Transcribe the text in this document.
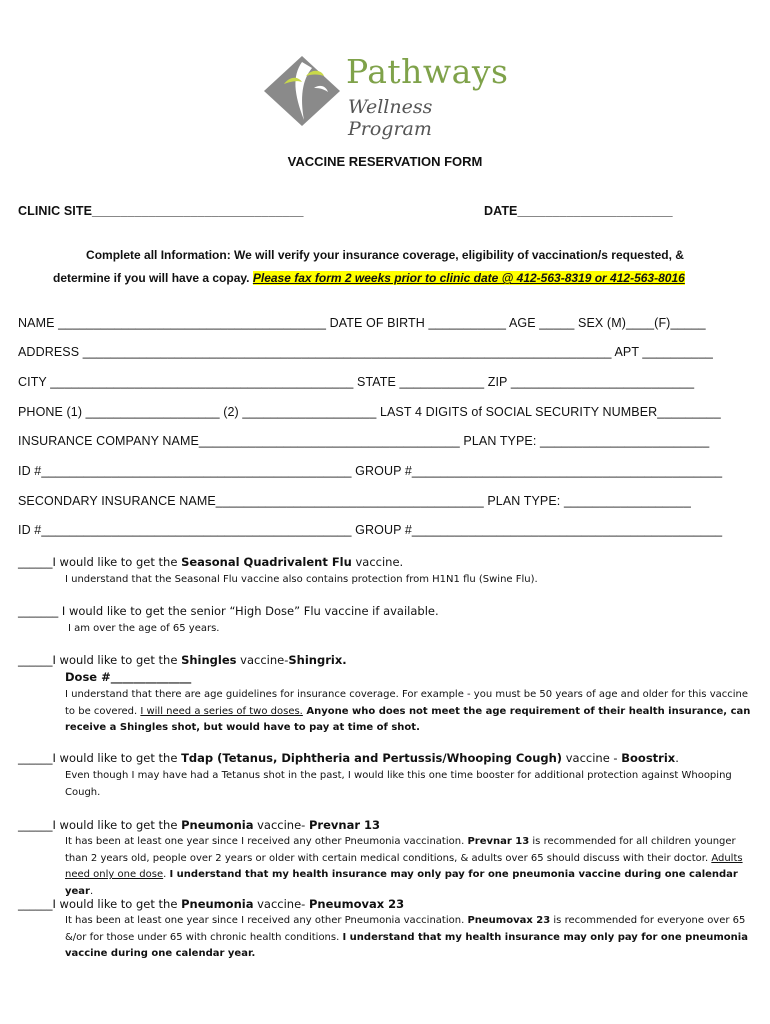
Pathways
Wellness Program
VACCINE RESERVATION FORM
CLINIC SITE______________________________	DATE______________________
Complete all Information: We will verify your insurance coverage, eligibility of vaccination/s requested, &
determine if you will have a copay. Please fax form 2 weeks prior to clinic date @ 412-563-8319 or 412-563-8016
NAME ______________________________________ DATE OF BIRTH ___________ AGE _____ SEX (M)____(F)_____
ADDRESS ___________________________________________________________________________ APT __________
CITY ___________________________________________ STATE ____________ ZIP __________________________
PHONE (1) ___________________ (2) ___________________ LAST 4 DIGITS of SOCIAL SECURITY NUMBER_________
INSURANCE COMPANY NAME_____________________________________ PLAN TYPE: ________________________
ID #____________________________________________ GROUP #____________________________________________
SECONDARY INSURANCE NAME______________________________________ PLAN TYPE: __________________
ID #____________________________________________ GROUP #____________________________________________
______I would like to get the Seasonal Quadrivalent Flu vaccine.
I understand that the Seasonal Flu vaccine also contains protection from H1N1 flu (Swine Flu).
_______ I would like to get the senior “High Dose” Flu vaccine if available.
I am over the age of 65 years.
______I would like to get the Shingles vaccine-Shingrix.
Dose #______________
I understand that there are age guidelines for insurance coverage. For example - you must be 50 years of age and older for this vaccine to be covered. I will need a series of two doses. Anyone who does not meet the age requirement of their health insurance, can receive a Shingles shot, but would have to pay at time of shot.
______I would like to get the Tdap (Tetanus, Diphtheria and Pertussis/Whooping Cough) vaccine - Boostrix.
Even though I may have had a Tetanus shot in the past, I would like this one time booster for additional protection against Whooping Cough.
______I would like to get the Pneumonia vaccine- Prevnar 13
It has been at least one year since I received any other Pneumonia vaccination. Prevnar 13 is recommended for all children younger than 2 years old, people over 2 years or older with certain medical conditions, & adults over 65 should discuss with their doctor. Adults need only one dose. I understand that my health insurance may only pay for one pneumonia vaccine during one calendar year.
______I would like to get the Pneumonia vaccine- Pneumovax 23
It has been at least one year since I received any other Pneumonia vaccination. Pneumovax 23 is recommended for everyone over 65 &/or for those under 65 with chronic health conditions. I understand that my health insurance may only pay for one pneumonia vaccine during one calendar year.
